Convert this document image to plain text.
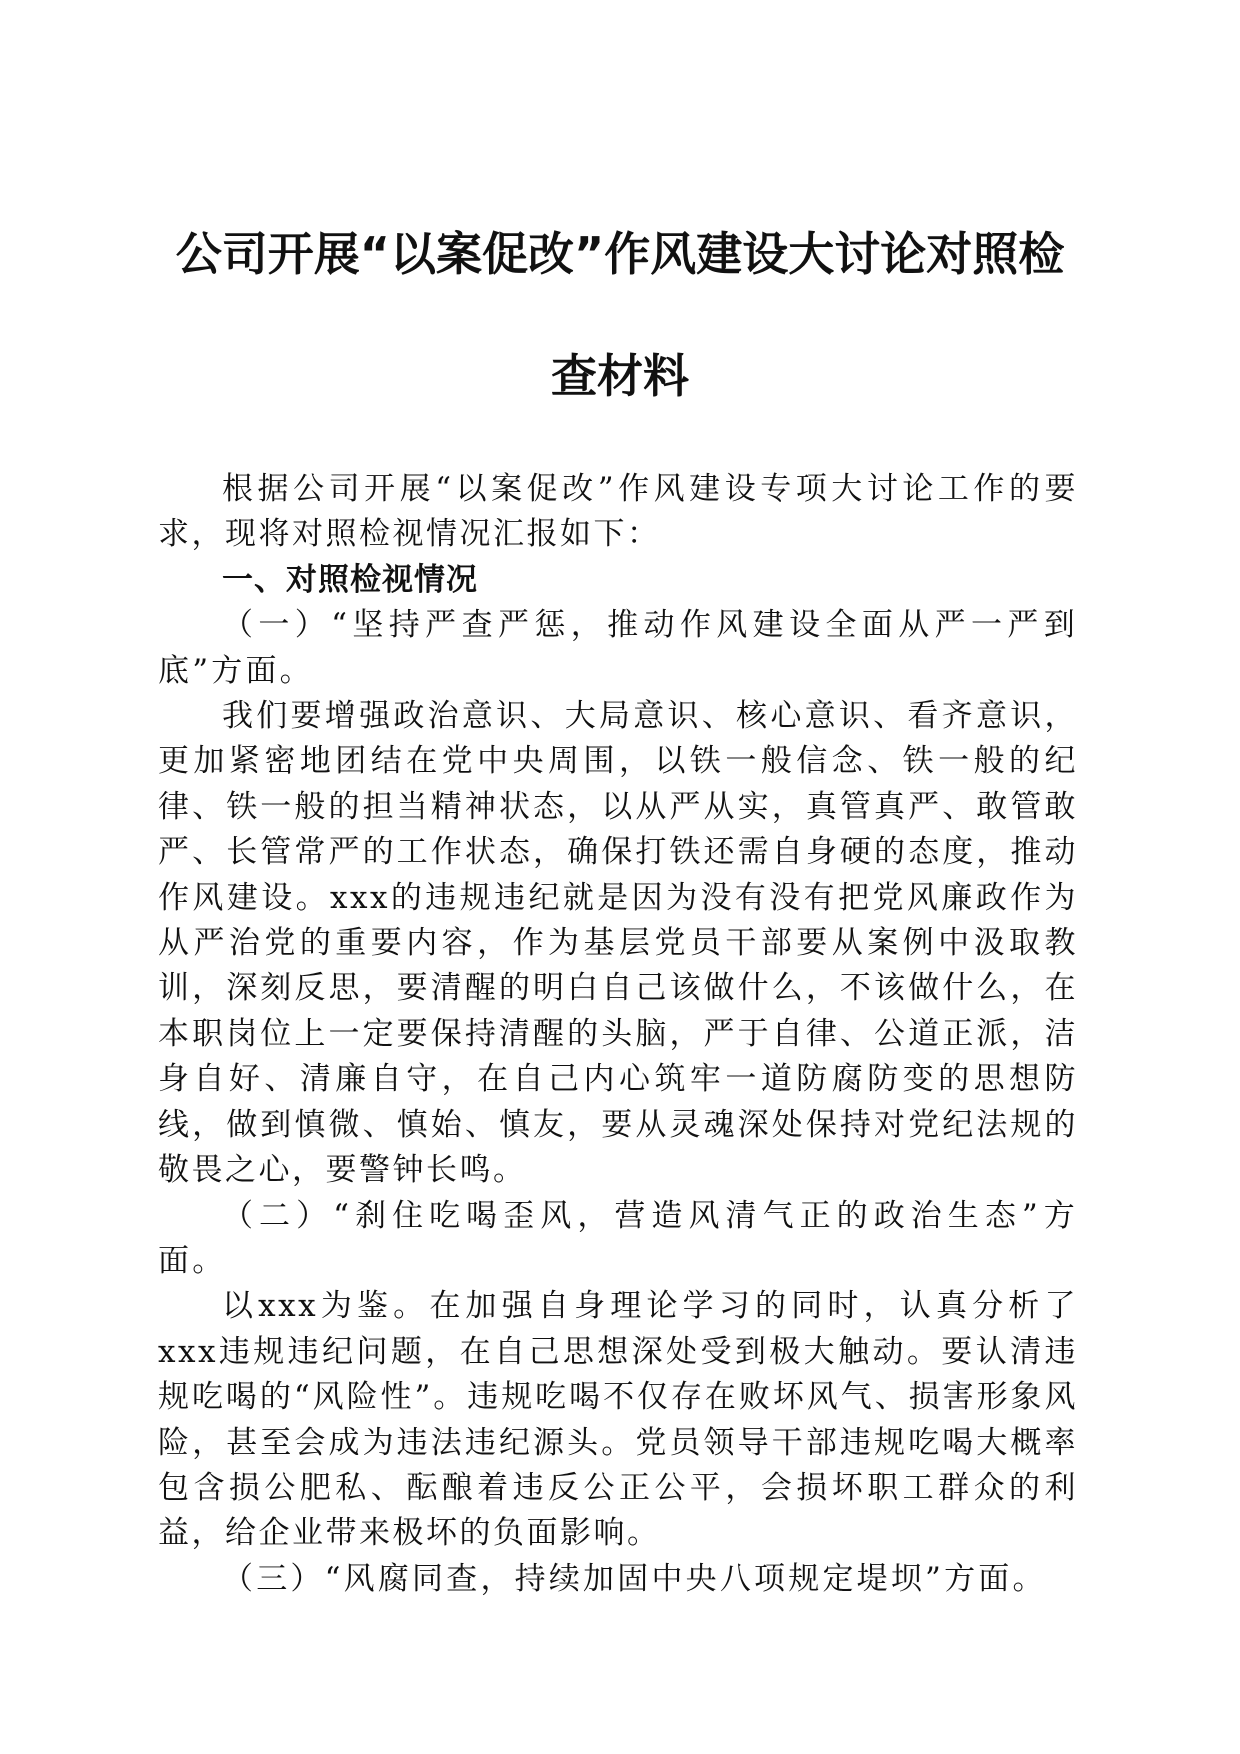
公司开展“以案促改”作风建设大讨论对照检
查材料

根据公司开展“以案促改”作风建设专项大讨论工作的要求，现将对照检视情况汇报如下：

一、对照检视情况

（一）“坚持严查严惩，推动作风建设全面从严一严到底”方面。

我们要增强政治意识、大局意识、核心意识、看齐意识，更加紧密地团结在党中央周围，以铁一般信念、铁一般的纪律、铁一般的担当精神状态，以从严从实，真管真严、敢管敢严、长管常严的工作状态，确保打铁还需自身硬的态度，推动作风建设。xxx的违规违纪就是因为没有没有把党风廉政作为从严治党的重要内容，作为基层党员干部要从案例中汲取教训，深刻反思，要清醒的明白自己该做什么，不该做什么，在本职岗位上一定要保持清醒的头脑，严于自律、公道正派，洁身自好、清廉自守，在自己内心筑牢一道防腐防变的思想防线，做到慎微、慎始、慎友，要从灵魂深处保持对党纪法规的敬畏之心，要警钟长鸣。

（二）“刹住吃喝歪风，营造风清气正的政治生态”方面。

以xxx为鉴。在加强自身理论学习的同时，认真分析了xxx违规违纪问题，在自己思想深处受到极大触动。要认清违规吃喝的“风险性”。违规吃喝不仅存在败坏风气、损害形象风险，甚至会成为违法违纪源头。党员领导干部违规吃喝大概率包含损公肥私、酝酿着违反公正公平，会损坏职工群众的利益，给企业带来极坏的负面影响。

（三）“风腐同查，持续加固中央八项规定堤坝”方面。
